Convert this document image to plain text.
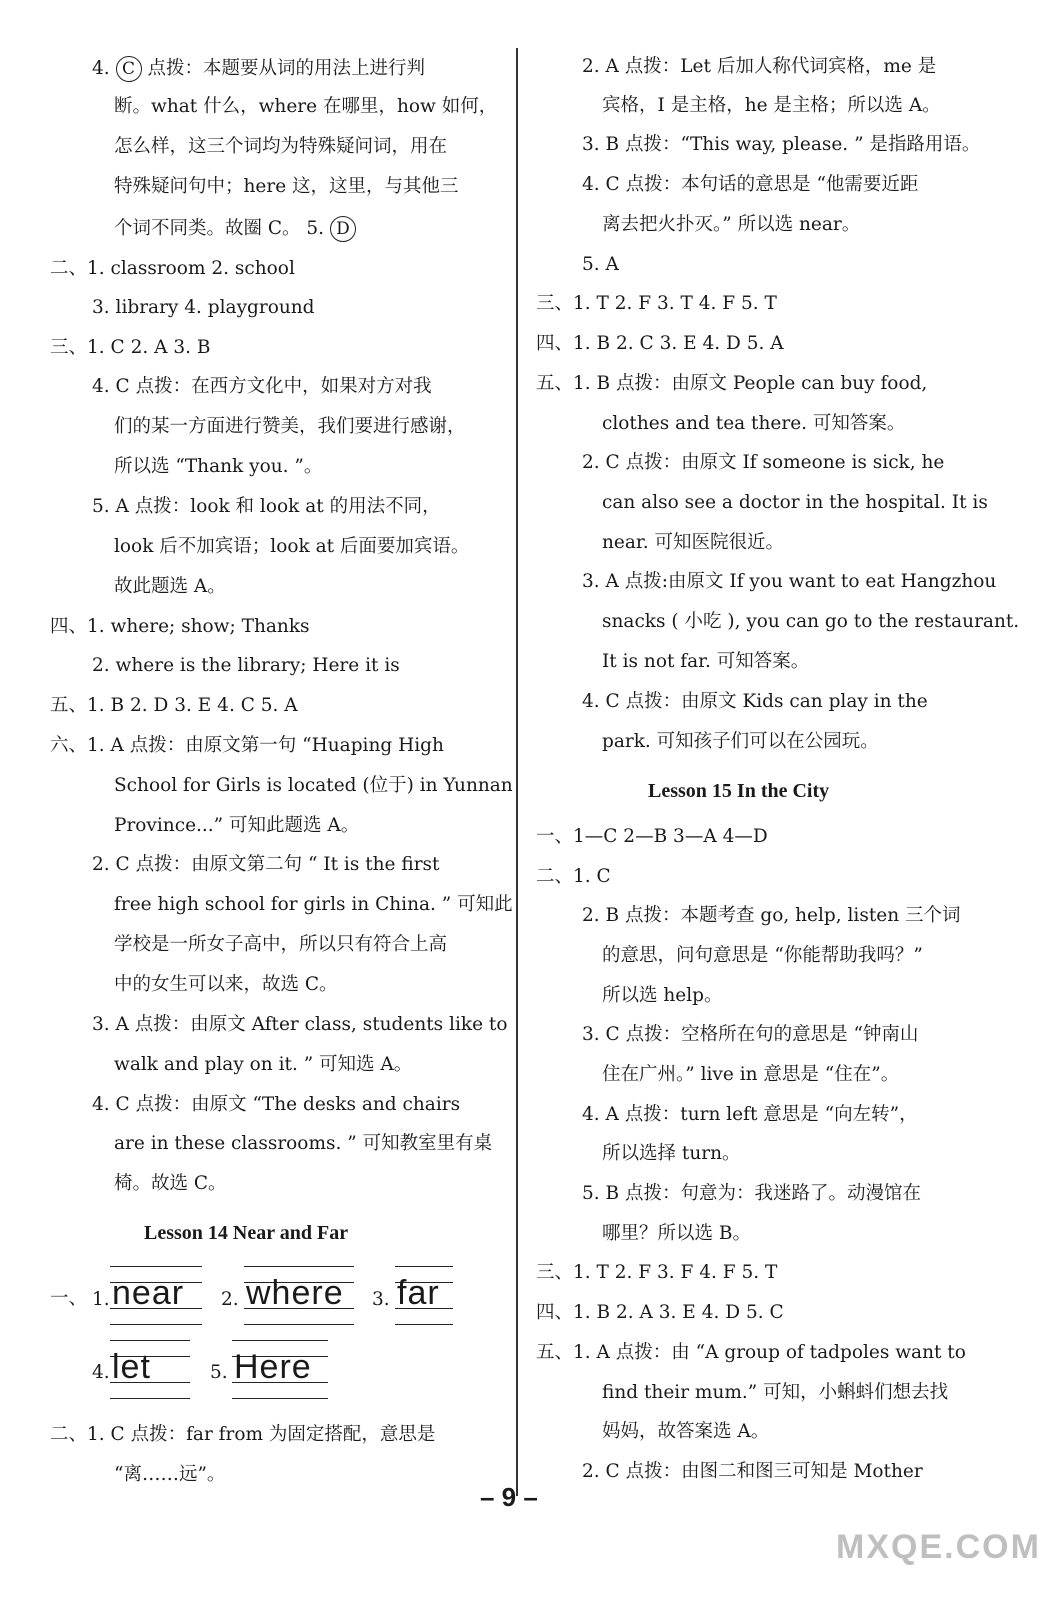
4. C 点拨：本题要从词的用法上进行判
断。what 什么，where 在哪里，how 如何，
怎么样，这三个词均为特殊疑问词，用在
特殊疑问句中；here 这，这里，与其他三
个词不同类。故圈 C。 5. D
二、1. classroom 2. school
3. library 4. playground
三、1. C 2. A 3. B
4. C 点拨：在西方文化中，如果对方对我
们的某一方面进行赞美，我们要进行感谢，
所以选 “Thank you. ”。
5. A 点拨：look 和 look at 的用法不同，
look 后不加宾语；look at 后面要加宾语。
故此题选 A。
四、1. where; show; Thanks
2. where is the library; Here it is
五、1. B 2. D 3. E 4. C 5. A
六、1. A 点拨：由原文第一句 “Huaping High
School for Girls is located (位于) in Yunnan
Province...” 可知此题选 A。
2. C 点拨：由原文第二句 “ It is the first
free high school for girls in China. ” 可知此
学校是一所女子高中，所以只有符合上高
中的女生可以来，故选 C。
3. A 点拨：由原文 After class, students like to
walk and play on it. ” 可知选 A。
4. C 点拨：由原文 “The desks and chairs
are in these classrooms. ” 可知教室里有桌
椅。故选 C。
Lesson 14 Near and Far
一、 1. near 2. where 3. far
4. let	5. Here
二、1. C 点拨：far from 为固定搭配，意思是
“离……远”。
2. A 点拨：Let 后加人称代词宾格，me 是
宾格，I 是主格，he 是主格；所以选 A。
3. B 点拨：“This way, please. ” 是指路用语。
4. C 点拨：本句话的意思是 “他需要近距
离去把火扑灭。” 所以选 near。
5. A
三、1. T 2. F 3. T 4. F 5. T
四、1. B 2. C 3. E 4. D 5. A
五、1. B 点拨：由原文 People can buy food,
clothes and tea there. 可知答案。
2. C 点拨：由原文 If someone is sick, he
can also see a doctor in the hospital. It is
near. 可知医院很近。
3. A 点拨:由原文 If you want to eat Hangzhou
snacks ( 小吃 ), you can go to the restaurant.
It is not far. 可知答案。
4. C 点拨：由原文 Kids can play in the
park. 可知孩子们可以在公园玩。
Lesson 15 In the City
一、1—C 2—B 3—A 4—D
二、1. C
2. B 点拨：本题考查 go, help, listen 三个词
的意思，问句意思是 “你能帮助我吗？”
所以选 help。
3. C 点拨：空格所在句的意思是 “钟南山
住在广州。” live in 意思是 “住在”。
4. A 点拨：turn left 意思是 “向左转”，
所以选择 turn。
5. B 点拨：句意为：我迷路了。动漫馆在
哪里？所以选 B。
三、1. T 2. F 3. F 4. F 5. T
四、1. B 2. A 3. E 4. D 5. C
五、1. A 点拨：由 “A group of tadpoles want to
find their mum.” 可知，小蝌蚪们想去找
妈妈，故答案选 A。
2. C 点拨：由图二和图三可知是 Mother
– 9 –
MXQE.COM
